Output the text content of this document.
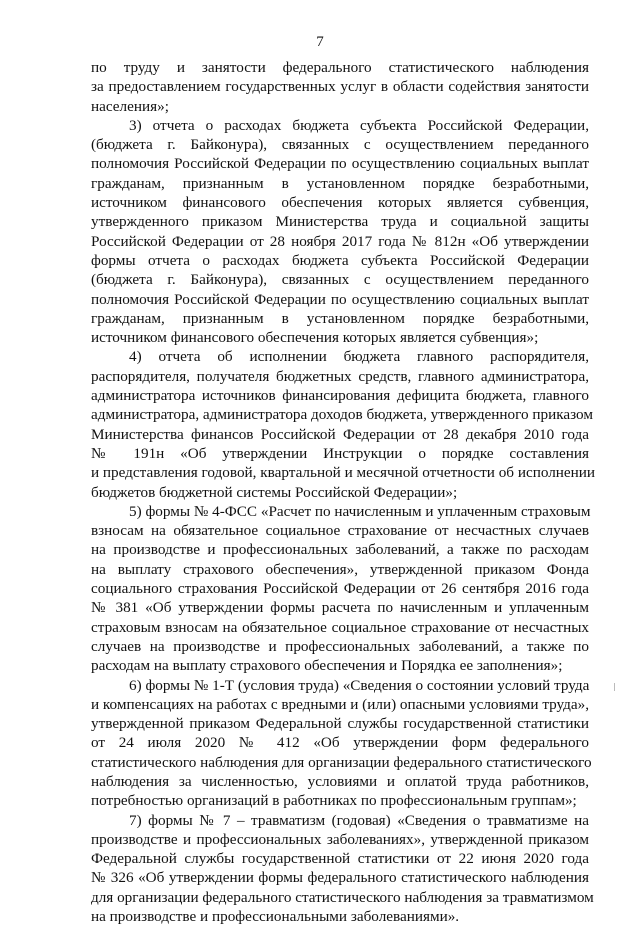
7
по труду и занятости федерального статистического наблюдения
за предоставлением государственных услуг в области содействия занятости
населения»;
3) отчета о расходах бюджета субъекта Российской Федерации,
(бюджета г. Байконура), связанных с осуществлением переданного
полномочия Российской Федерации по осуществлению социальных выплат
гражданам, признанным в установленном порядке безработными,
источником финансового обеспечения которых является субвенция,
утвержденного приказом Министерства труда и социальной защиты
Российской Федерации от 28 ноября 2017 года № 812н «Об утверждении
формы отчета о расходах бюджета субъекта Российской Федерации
(бюджета г. Байконура), связанных с осуществлением переданного
полномочия Российской Федерации по осуществлению социальных выплат
гражданам, признанным в установленном порядке безработными,
источником финансового обеспечения которых является субвенция»;
4) отчета об исполнении бюджета главного распорядителя,
распорядителя, получателя бюджетных средств, главного администратора,
администратора источников финансирования дефицита бюджета, главного
администратора, администратора доходов бюджета, утвержденного приказом
Министерства финансов Российской Федерации от 28 декабря 2010 года
№ 191н «Об утверждении Инструкции о порядке составления
и представления годовой, квартальной и месячной отчетности об исполнении
бюджетов бюджетной системы Российской Федерации»;
5) формы № 4-ФСС «Расчет по начисленным и уплаченным страховым
взносам на обязательное социальное страхование от несчастных случаев
на производстве и профессиональных заболеваний, а также по расходам
на выплату страхового обеспечения», утвержденной приказом Фонда
социального страхования Российской Федерации от 26 сентября 2016 года
№ 381 «Об утверждении формы расчета по начисленным и уплаченным
страховым взносам на обязательное социальное страхование от несчастных
случаев на производстве и профессиональных заболеваний, а также по
расходам на выплату страхового обеспечения и Порядка ее заполнения»;
6) формы № 1-Т (условия труда) «Сведения о состоянии условий труда
и компенсациях на работах с вредными и (или) опасными условиями труда»,
утвержденной приказом Федеральной службы государственной статистики
от 24 июля 2020 № 412 «Об утверждении форм федерального
статистического наблюдения для организации федерального статистического
наблюдения за численностью, условиями и оплатой труда работников,
потребностью организаций в работниках по профессиональным группам»;
7) формы № 7 – травматизм (годовая) «Сведения о травматизме на
производстве и профессиональных заболеваниях», утвержденной приказом
Федеральной службы государственной статистики от 22 июня 2020 года
№ 326 «Об утверждении формы федерального статистического наблюдения
для организации федерального статистического наблюдения за травматизмом
на производстве и профессиональными заболеваниями».
